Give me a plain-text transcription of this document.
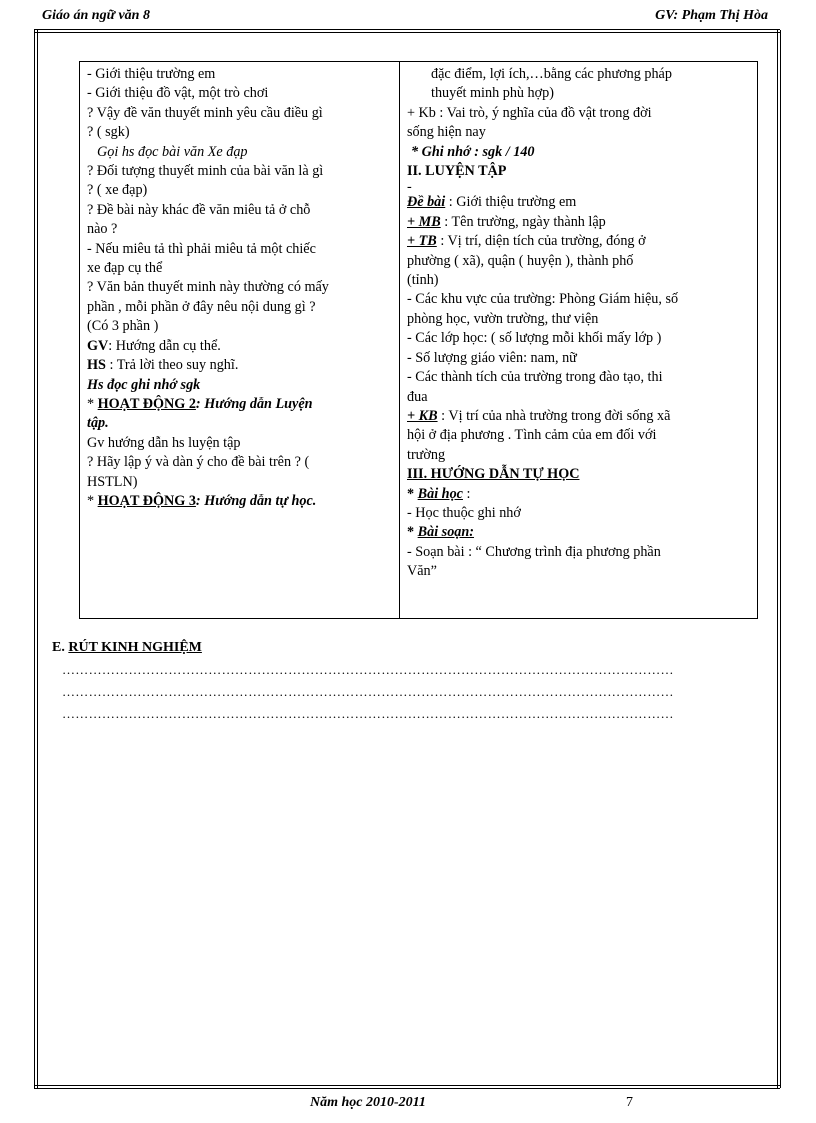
Giáo án ngữ văn 8	GV: Phạm Thị Hòa
- Giới thiệu trường em
- Giới thiệu đồ vật, một trò chơi
? Vậy đề văn thuyết minh yêu cầu điều gì
? ( sgk)
Gọi hs đọc bài văn Xe đạp
? Đối tượng thuyết minh của bài văn là gì
? ( xe đạp)
? Đề bài này khác đề văn miêu tả ở chỗ
nào ?
- Nếu miêu tả thì phải miêu tả một chiếc
xe đạp cụ thể
? Văn bản thuyết minh này thường có mấy
phần , mỗi phần ở đây nêu nội dung gì ?
(Có 3 phần )
GV: Hướng dẫn cụ thể.
HS : Trả lời theo suy nghĩ.
Hs đọc ghi nhớ sgk
* HOẠT ĐỘNG 2: Hướng dẫn Luyện
tập.
Gv hướng dẫn hs luyện tập
? Hãy lập ý và dàn ý cho đề bài trên ? (
HSTLN)
* HOẠT ĐỘNG 3: Hướng dẫn tự học.
đặc điểm, lợi ích,…bằng các phương pháp
thuyết minh phù hợp)
+ Kb : Vai trò, ý nghĩa của đồ vật trong đời
sống hiện nay
* Ghi nhớ : sgk / 140
II. LUYỆN TẬP
-
Đề bài : Giới thiệu trường em
+ MB : Tên trường, ngày thành lập
+ TB : Vị trí, diện tích của trường, đóng ở
phường ( xã), quận ( huyện ), thành phố
(tỉnh)
- Các khu vực của trường: Phòng Giám hiệu, số
phòng học, vườn trường, thư viện
- Các lớp học: ( số lượng mỗi khối mấy lớp )
- Số lượng giáo viên: nam, nữ
- Các thành tích của trường trong đào tạo, thi
đua
+ KB : Vị trí của nhà trường trong đời sống xã
hội ở địa phương . Tình cảm của em đối với
trường
III. HƯỚNG DẪN TỰ HỌC
* Bài học :
- Học thuộc ghi nhớ
* Bài soạn:
- Soạn bài : “ Chương trình địa phương phần
Văn”
E. RÚT KINH NGHIỆM
…………………………………………………………………………………………………………………………
…………………………………………………………………………………………………………………………
…………………………………………………………………………………………………………………………
Năm học 2010-2011	7
